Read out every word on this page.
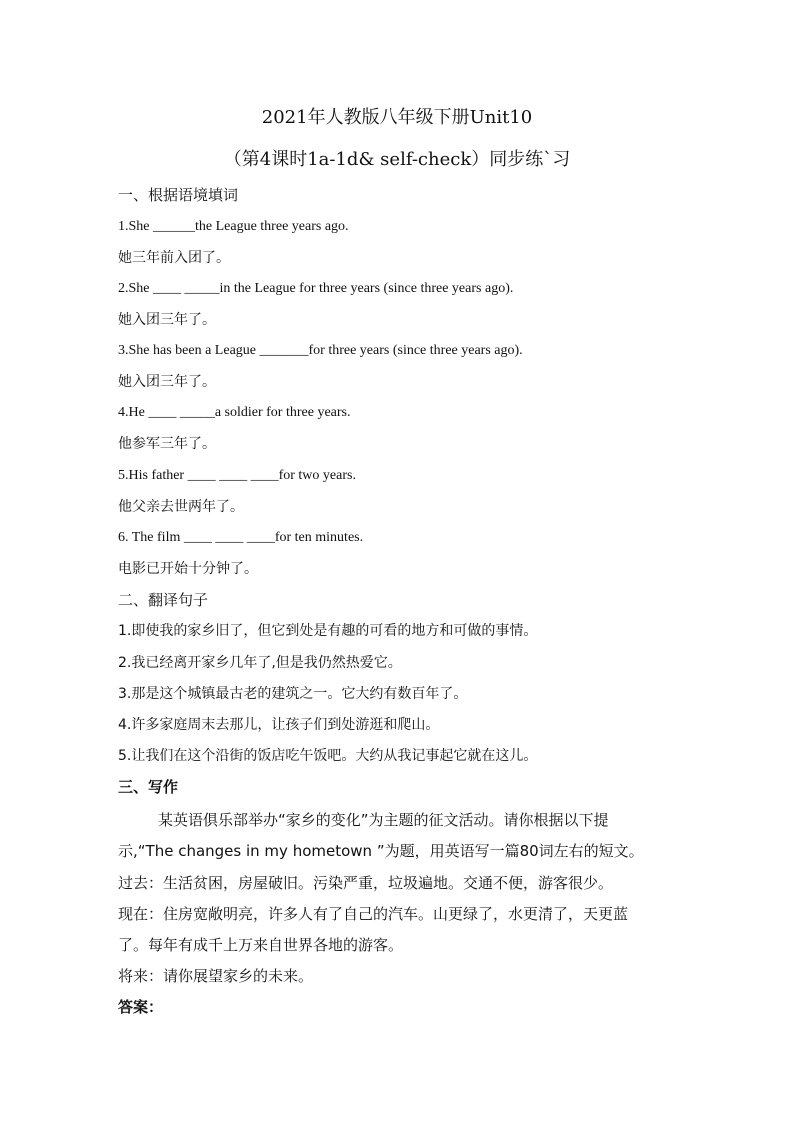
2021年人教版八年级下册Unit10
（第4课时1a-1d& self-check）同步练`习
一、根据语境填词
1.She ______the League three years ago.
她三年前入团了。
2.She ____ _____in the League for three years (since three years ago).
她入团三年了。
3.She has been a League _______for three years (since three years ago).
她入团三年了。
4.He ____ _____a soldier for three years.
他参军三年了。
5.His father ____ ____ ____for two years.
他父亲去世两年了。
6. The film ____ ____ ____for ten minutes.
电影已开始十分钟了。
二、翻译句子
1.即使我的家乡旧了，但它到处是有趣的可看的地方和可做的事情。
2.我已经离开家乡几年了,但是我仍然热爱它。
3.那是这个城镇最古老的建筑之一。它大约有数百年了。
4.许多家庭周末去那儿，让孩子们到处游逛和爬山。
5.让我们在这个沿街的饭店吃午饭吧。大约从我记事起它就在这儿。
三、写作
某英语俱乐部举办“家乡的变化”为主题的征文活动。请你根据以下提
示,“The changes in my hometown ”为题，用英语写一篇80词左右的短文。
过去：生活贫困，房屋破旧。污染严重，垃圾遍地。交通不便，游客很少。
现在：住房宽敞明亮，许多人有了自己的汽车。山更绿了，水更清了，天更蓝
了。每年有成千上万来自世界各地的游客。
将来：请你展望家乡的未来。
答案：
